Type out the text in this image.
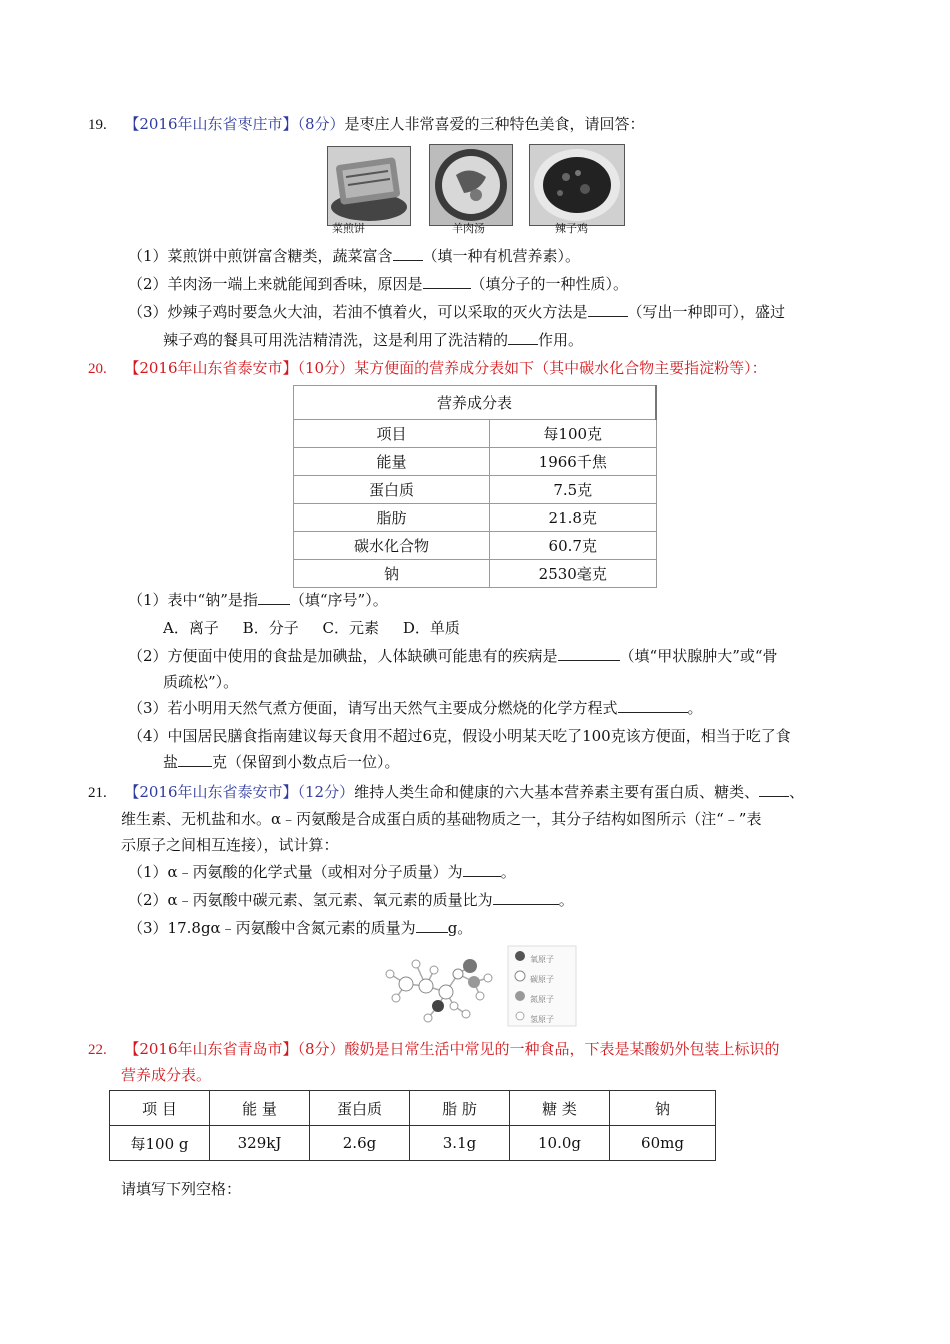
19. 【2016年山东省枣庄市】（8分）是枣庄人非常喜爱的三种特色美食，请回答：
菜煎饼	羊肉汤	辣子鸡
（1）菜煎饼中煎饼富含糖类，蔬菜富含 （填一种有机营养素）。
（2）羊肉汤一端上来就能闻到香味，原因是	（填分子的一种性质）。
（3）炒辣子鸡时要急火大油，若油不慎着火，可以采取的灭火方法是	（写出一种即可），盛过
辣子鸡的餐具可用洗洁精清洗，这是利用了洗洁精的 作用。
20. 【2016年山东省泰安市】（10分）某方便面的营养成分表如下（其中碳水化合物主要指淀粉等）：
营养成分表	
项目	每100克
能量	1966千焦
蛋白质	7.5克
脂肪	21.8克
碳水化合物	60.7克
钠	2530毫克
（1）表中“钠”是指 （填“序号”）。
A．离子     B．分子     C．元素     D．单质
（2）方便面中使用的食盐是加碘盐，人体缺碘可能患有的疾病是	（填“甲状腺肿大”或“骨
质疏松”）。
（3）若小明用天然气煮方便面，请写出天然气主要成分燃烧的化学方程式	。
（4）中国居民膳食指南建议每天食用不超过6克，假设小明某天吃了100克该方便面，相当于吃了食
盐 克（保留到小数点后一位）。
21. 【2016年山东省泰安市】（12分）维持人类生命和健康的六大基本营养素主要有蛋白质、糖类、 、
维生素、无机盐和水。α﹣丙氨酸是合成蛋白质的基础物质之一，其分子结构如图所示（注“﹣”表
示原子之间相互连接），试计算：
（1）α﹣丙氨酸的化学式量（或相对分子质量）为	。
（2）α﹣丙氨酸中碳元素、氢元素、氧元素的质量比为	。
（3）17.8gα﹣丙氨酸中含氮元素的质量为 g。
氧原子
碳原子
氮原子
氢原子
22. 【2016年山东省青岛市】（8分）酸奶是日常生活中常见的一种食品，下表是某酸奶外包装上标识的
营养成分表。
项 目	能 量	蛋白质	脂 肪	糖 类	钠
每100 g	329kJ	2.6g	3.1g	10.0g	60mg
请填写下列空格：
